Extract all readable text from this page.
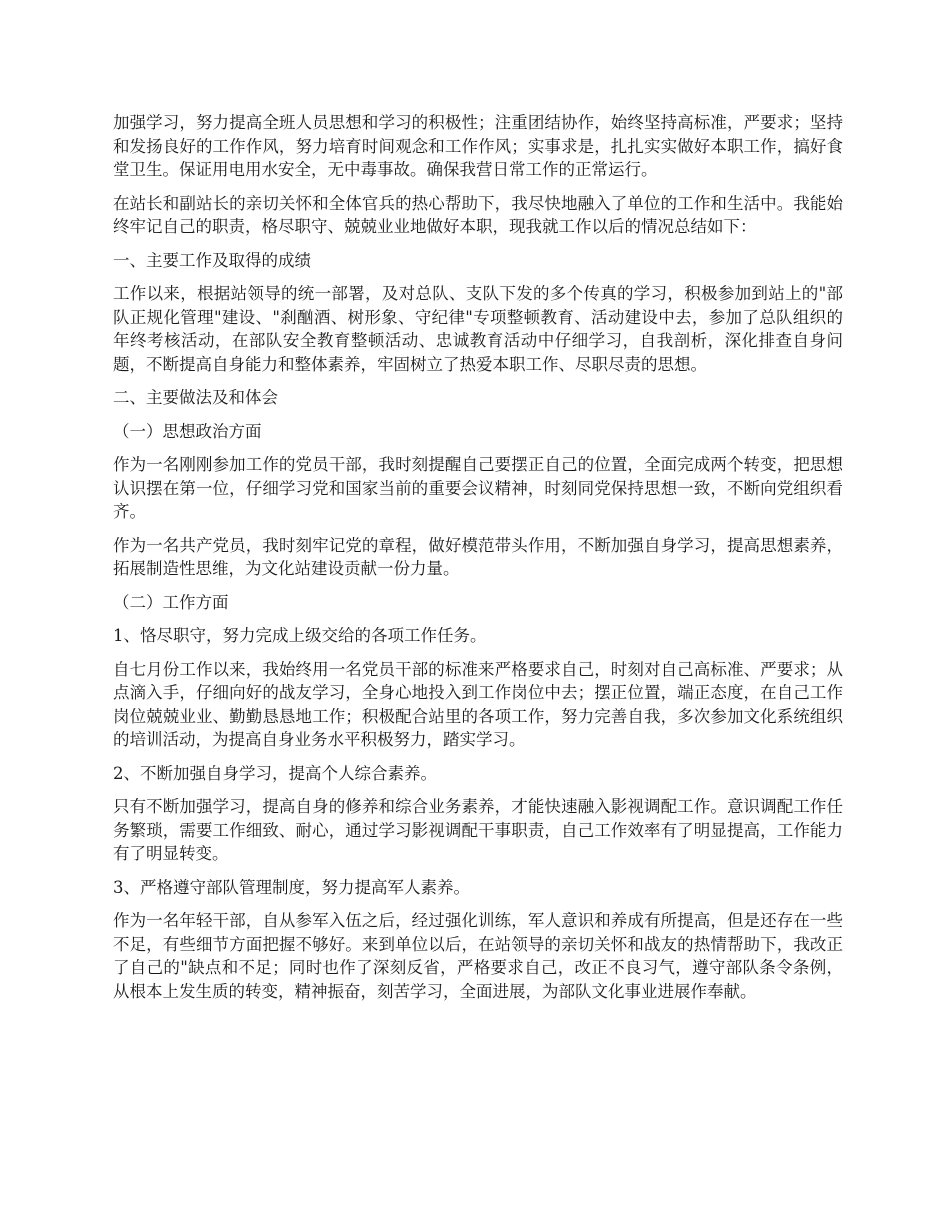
加强学习，努力提高全班人员思想和学习的积极性；注重团结协作，始终坚持高标准，严要求；坚持和发扬良好的工作作风，努力培育时间观念和工作作风；实事求是，扎扎实实做好本职工作，搞好食堂卫生。保证用电用水安全，无中毒事故。确保我营日常工作的正常运行。

在站长和副站长的亲切关怀和全体官兵的热心帮助下，我尽快地融入了单位的工作和生活中。我能始终牢记自己的职责，格尽职守、兢兢业业地做好本职，现我就工作以后的情况总结如下：

一、主要工作及取得的成绩

工作以来，根据站领导的统一部署，及对总队、支队下发的多个传真的学习，积极参加到站上的"部队正规化管理"建设、"刹酗酒、树形象、守纪律"专项整顿教育、活动建设中去，参加了总队组织的年终考核活动，在部队安全教育整顿活动、忠诚教育活动中仔细学习，自我剖析，深化排查自身问题，不断提高自身能力和整体素养，牢固树立了热爱本职工作、尽职尽责的思想。

二、主要做法及和体会

（一）思想政治方面

作为一名刚刚参加工作的党员干部，我时刻提醒自己要摆正自己的位置，全面完成两个转变，把思想认识摆在第一位，仔细学习党和国家当前的重要会议精神，时刻同党保持思想一致，不断向党组织看齐。

作为一名共产党员，我时刻牢记党的章程，做好模范带头作用，不断加强自身学习，提高思想素养，拓展制造性思维，为文化站建设贡献一份力量。

（二）工作方面

1、恪尽职守，努力完成上级交给的各项工作任务。

自七月份工作以来，我始终用一名党员干部的标准来严格要求自己，时刻对自己高标准、严要求；从点滴入手，仔细向好的战友学习，全身心地投入到工作岗位中去；摆正位置，端正态度，在自己工作岗位兢兢业业、勤勤恳恳地工作；积极配合站里的各项工作，努力完善自我，多次参加文化系统组织的培训活动，为提高自身业务水平积极努力，踏实学习。

2、不断加强自身学习，提高个人综合素养。

只有不断加强学习，提高自身的修养和综合业务素养，才能快速融入影视调配工作。意识调配工作任务繁琐，需要工作细致、耐心，通过学习影视调配干事职责，自己工作效率有了明显提高，工作能力有了明显转变。

3、严格遵守部队管理制度，努力提高军人素养。

作为一名年轻干部，自从参军入伍之后，经过强化训练，军人意识和养成有所提高，但是还存在一些不足，有些细节方面把握不够好。来到单位以后，在站领导的亲切关怀和战友的热情帮助下，我改正了自己的"缺点和不足；同时也作了深刻反省，严格要求自己，改正不良习气，遵守部队条令条例，从根本上发生质的转变，精神振奋，刻苦学习，全面进展，为部队文化事业进展作奉献。
